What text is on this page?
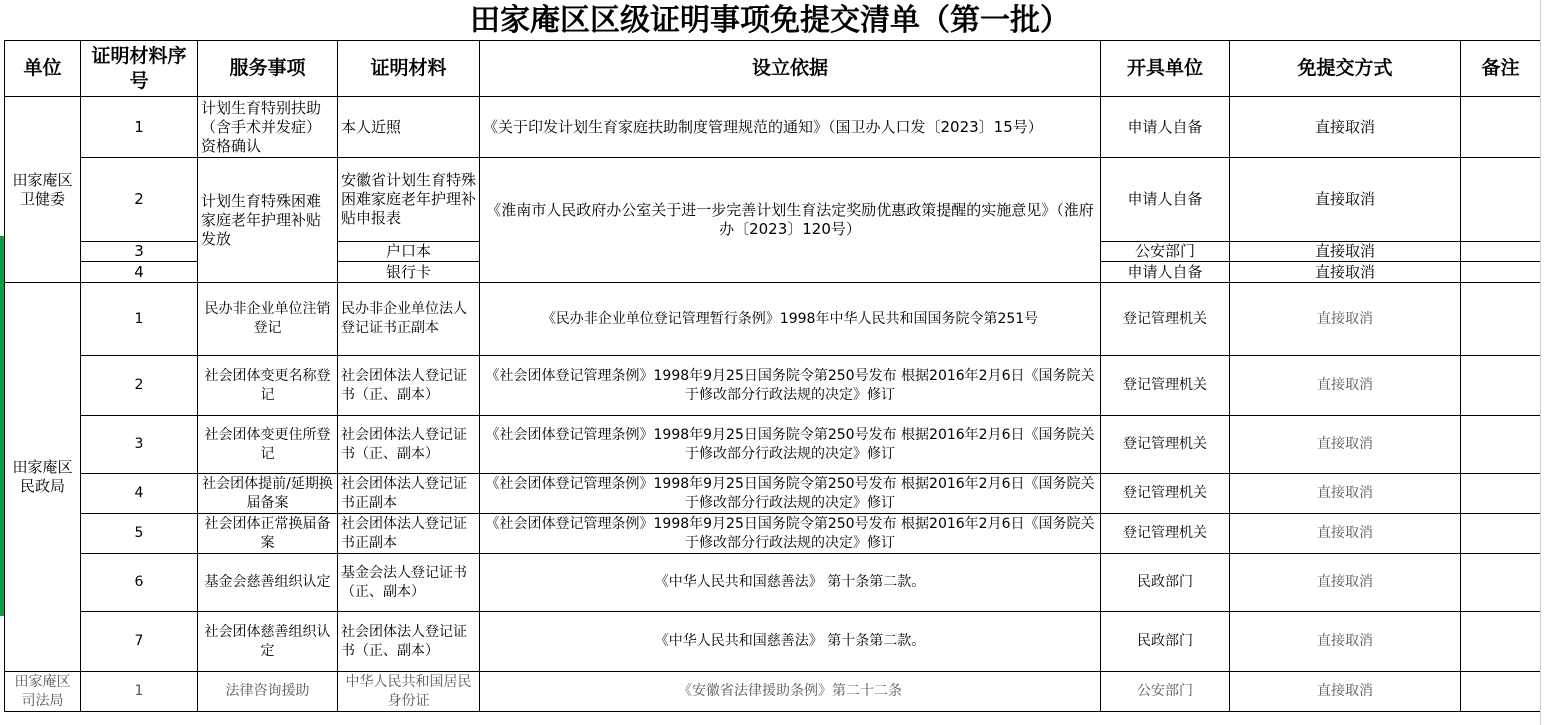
田家庵区区级证明事项免提交清单（第一批）
单位	证明材料序号	服务事项	证明材料	设立依据	开具单位	免提交方式	备注
田家庵区卫健委	1	计划生育特别扶助（含手术并发症）资格确认	本人近照	《关于印发计划生育家庭扶助制度管理规范的通知》（国卫办人口发〔2023〕15号）	申请人自备	直接取消	
	2	计划生育特殊困难家庭老年护理补贴发放	安徽省计划生育特殊困难家庭老年护理补贴申报表	《淮南市人民政府办公室关于进一步完善计划生育法定奖励优惠政策提醒的实施意见》（淮府办〔2023〕120号）	申请人自备	直接取消	
	3		户口本		公安部门	直接取消	
	4		银行卡		申请人自备	直接取消	
田家庵区民政局	1	民办非企业单位注销登记	民办非企业单位法人登记证书正副本	《民办非企业单位登记管理暂行条例》1998年中华人民共和国国务院令第251号	登记管理机关	直接取消	
	2	社会团体变更名称登记	社会团体法人登记证书（正、副本）	《社会团体登记管理条例》1998年9月25日国务院令第250号发布 根据2016年2月6日《国务院关于修改部分行政法规的决定》修订	登记管理机关	直接取消	
	3	社会团体变更住所登记	社会团体法人登记证书（正、副本）	《社会团体登记管理条例》1998年9月25日国务院令第250号发布 根据2016年2月6日《国务院关于修改部分行政法规的决定》修订	登记管理机关	直接取消	
	4	社会团体提前/延期换届备案	社会团体法人登记证书正副本	《社会团体登记管理条例》1998年9月25日国务院令第250号发布 根据2016年2月6日《国务院关于修改部分行政法规的决定》修订	登记管理机关	直接取消	
	5	社会团体正常换届备案	社会团体法人登记证书正副本	《社会团体登记管理条例》1998年9月25日国务院令第250号发布 根据2016年2月6日《国务院关于修改部分行政法规的决定》修订	登记管理机关	直接取消	
	6	基金会慈善组织认定	基金会法人登记证书（正、副本）	《中华人民共和国慈善法》 第十条第二款。	民政部门	直接取消	
	7	社会团体慈善组织认定	社会团体法人登记证书（正、副本）	《中华人民共和国慈善法》 第十条第二款。	民政部门	直接取消	
田家庵区司法局	1	法律咨询援助	中华人民共和国居民身份证	《安徽省法律援助条例》第二十二条	公安部门	直接取消	
